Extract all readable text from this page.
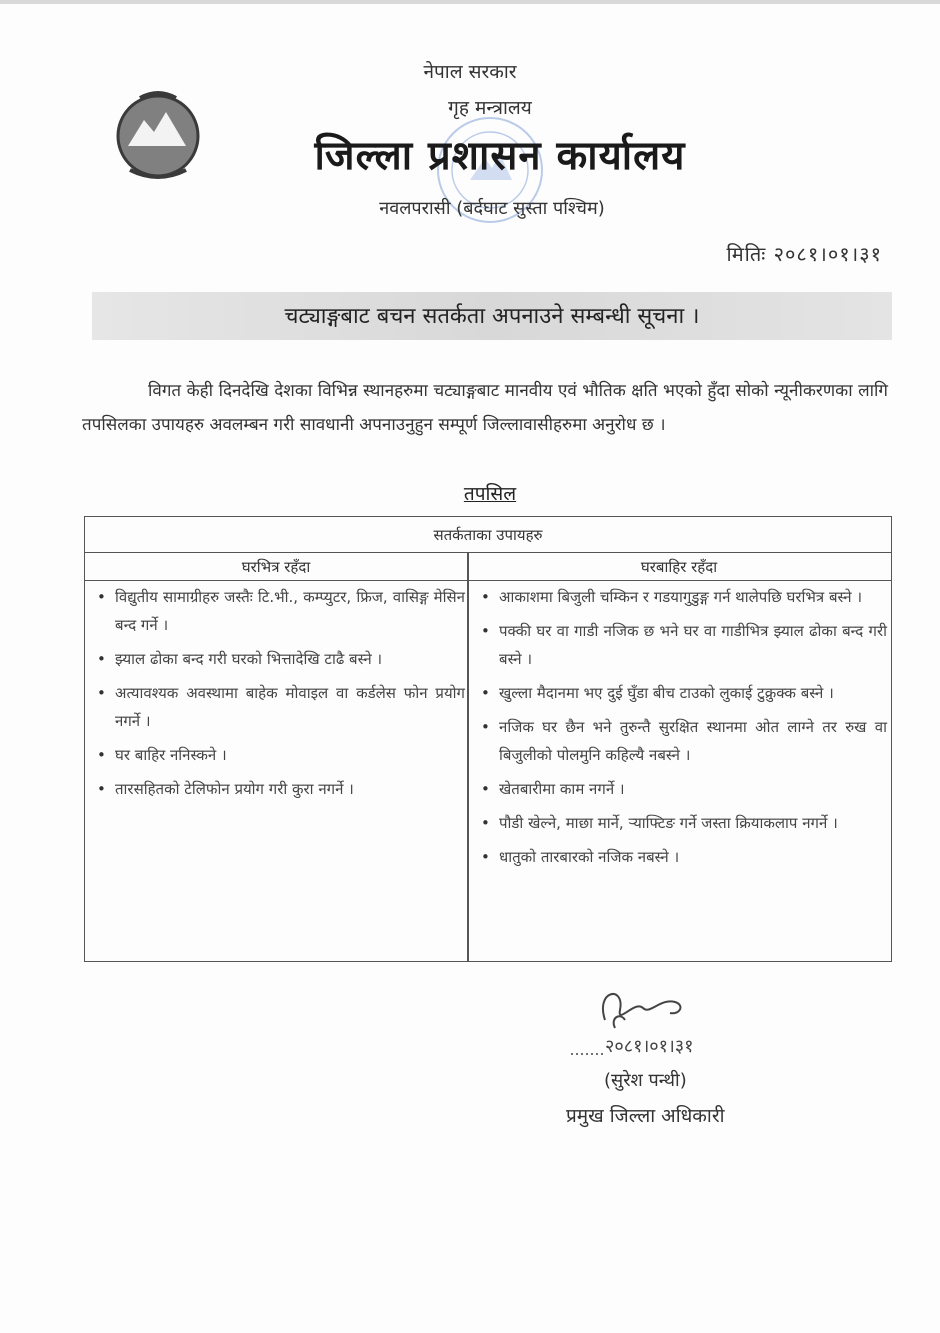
नेपाल सरकार
गृह मन्त्रालय
जिल्ला प्रशासन कार्यालय
नवलपरासी (बर्दघाट सुस्ता पश्चिम)
मितिः २०८१।०१।३१
चट्याङ्गबाट बचन सतर्कता अपनाउने सम्बन्धी सूचना ।
विगत केही दिनदेखि देशका विभिन्न स्थानहरुमा चट्याङ्गबाट मानवीय एवं भौतिक क्षति भएको हुँदा सोको न्यूनीकरणका लागि तपसिलका उपायहरु अवलम्बन गरी सावधानी अपनाउनुहुन सम्पूर्ण जिल्लावासीहरुमा अनुरोध छ ।
तपसिल
सतर्कताका उपायहरु
घरभित्र रहँदा	घरबाहिर रहँदा
• विद्युतीय सामाग्रीहरु जस्तैः टि.भी., कम्प्युटर, फ्रिज, वासिङ्ग मेसिन बन्द गर्ने ।
• झ्याल ढोका बन्द गरी घरको भित्तादेखि टाढै बस्ने ।
• अत्यावश्यक अवस्थामा बाहेक मोवाइल वा कर्डलेस फोन प्रयोग नगर्ने ।
• घर बाहिर ननिस्कने ।
• तारसहितको टेलिफोन प्रयोग गरी कुरा नगर्ने ।
• आकाशमा बिजुली चम्किन र गडयागुडुङ्ग गर्न थालेपछि घरभित्र बस्ने ।
• पक्की घर वा गाडी नजिक छ भने घर वा गाडीभित्र झ्याल ढोका बन्द गरी बस्ने ।
• खुल्ला मैदानमा भए दुई घुँडा बीच टाउको लुकाई टुक्रुक्क बस्ने ।
• नजिक घर छैन भने तुरुन्तै सुरक्षित स्थानमा ओत लाग्ने तर रुख वा बिजुलीको पोलमुनि कहिल्यै नबस्ने ।
• खेतबारीमा काम नगर्ने ।
• पौडी खेल्ने, माछा मार्ने, ऱ्याफ्टिङ गर्ने जस्ता क्रियाकलाप नगर्ने ।
• धातुको तारबारको नजिक नबस्ने ।
२०८१।०१।३१
(सुरेश पन्थी)
प्रमुख जिल्ला अधिकारी
